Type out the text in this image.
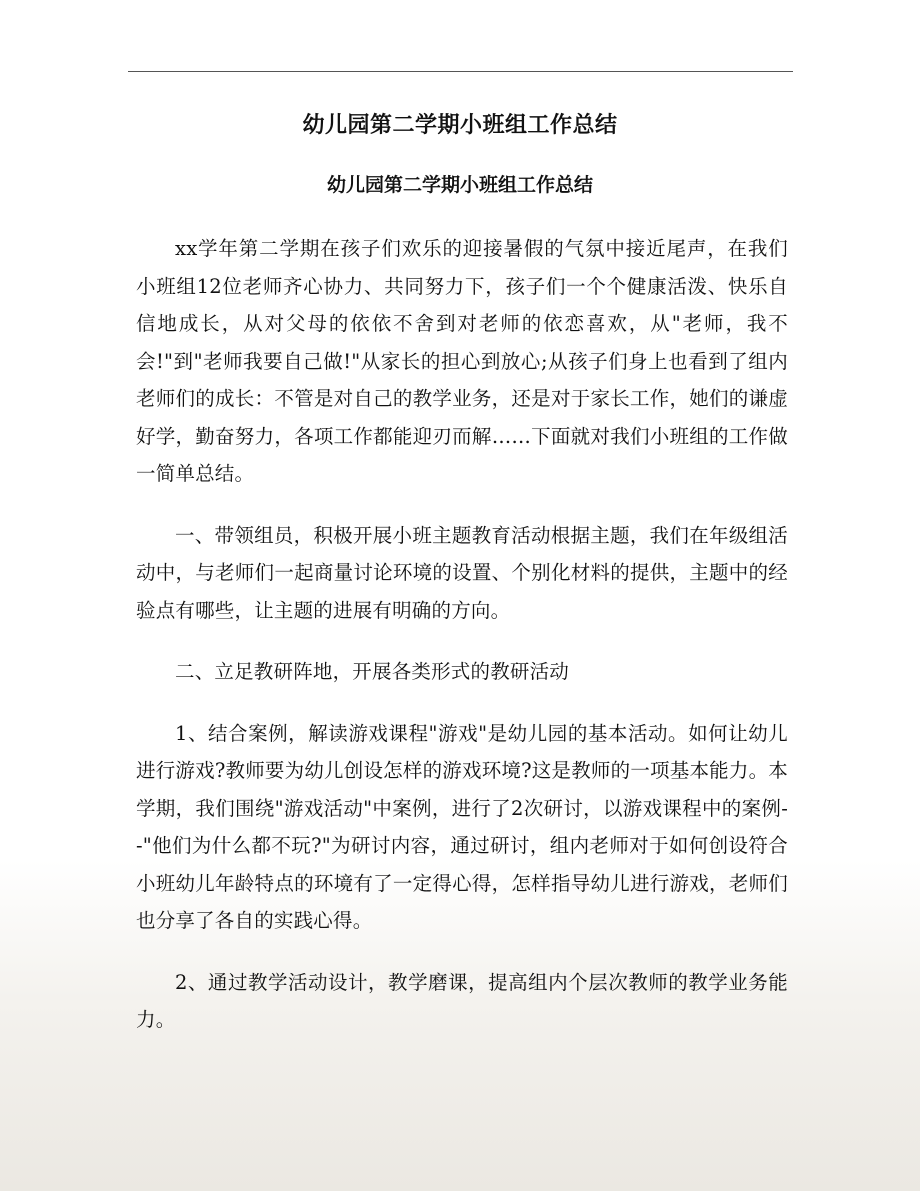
幼儿园第二学期小班组工作总结
幼儿园第二学期小班组工作总结

xx学年第二学期在孩子们欢乐的迎接暑假的气氛中接近尾声，在我们小班组12位老师齐心协力、共同努力下，孩子们一个个健康活泼、快乐自信地成长，从对父母的依依不舍到对老师的依恋喜欢，从"老师，我不会!"到"老师我要自己做!"从家长的担心到放心;从孩子们身上也看到了组内老师们的成长：不管是对自己的教学业务，还是对于家长工作，她们的谦虚好学，勤奋努力，各项工作都能迎刃而解……下面就对我们小班组的工作做一简单总结。

一、带领组员，积极开展小班主题教育活动根据主题，我们在年级组活动中，与老师们一起商量讨论环境的设置、个别化材料的提供，主题中的经验点有哪些，让主题的进展有明确的方向。

二、立足教研阵地，开展各类形式的教研活动

1、结合案例，解读游戏课程"游戏"是幼儿园的基本活动。如何让幼儿进行游戏?教师要为幼儿创设怎样的游戏环境?这是教师的一项基本能力。本学期，我们围绕"游戏活动"中案例，进行了2次研讨，以游戏课程中的案例--"他们为什么都不玩?"为研讨内容，通过研讨，组内老师对于如何创设符合小班幼儿年龄特点的环境有了一定得心得，怎样指导幼儿进行游戏，老师们也分享了各自的实践心得。

2、通过教学活动设计，教学磨课，提高组内个层次教师的教学业务能力。
